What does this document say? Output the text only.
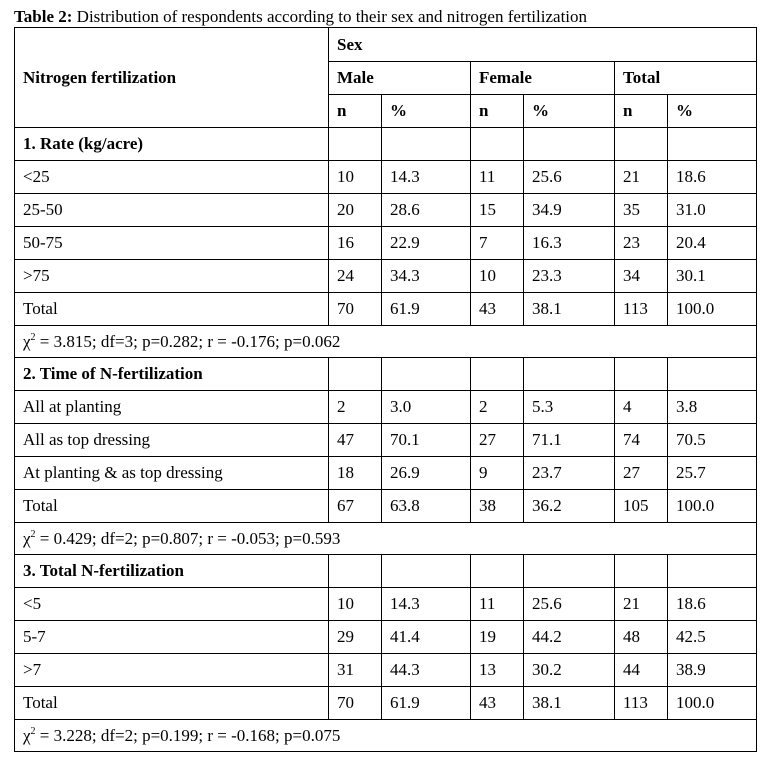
Table 2: Distribution of respondents according to their sex and nitrogen fertilization
Nitrogen fertilization	Sex					
	Male		Female		Total	
	n	%	n	%	n	%
1. Rate (kg/acre)						
<25	10	14.3	11	25.6	21	18.6
25-50	20	28.6	15	34.9	35	31.0
50-75	16	22.9	7	16.3	23	20.4
>75	24	34.3	10	23.3	34	30.1
Total	70	61.9	43	38.1	113	100.0
$\chi^2 = 3.815$; df=3; p=0.282; r = -0.176; p=0.062						
2. Time of N-fertilization						
All at planting	2	3.0	2	5.3	4	3.8
All as top dressing	47	70.1	27	71.1	74	70.5
At planting & as top dressing	18	26.9	9	23.7	27	25.7
Total	67	63.8	38	36.2	105	100.0
$\chi^2 = 0.429$; df=2; p=0.807; r = -0.053; p=0.593						
3. Total N-fertilization						
<5	10	14.3	11	25.6	21	18.6
5-7	29	41.4	19	44.2	48	42.5
>7	31	44.3	13	30.2	44	38.9
Total	70	61.9	43	38.1	113	100.0
$\chi^2 = 3.228$; df=2; p=0.199; r = -0.168; p=0.075						
